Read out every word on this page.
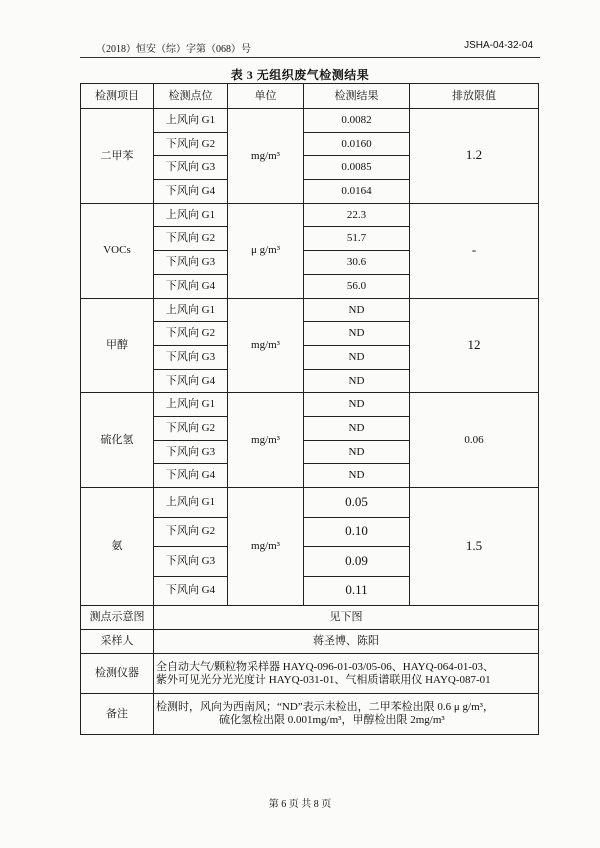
（2018）恒安（综）字第（068）号	JSHA-04-32-04
表 3 无组织废气检测结果
检测项目	检测点位	单位	检测结果	排放限值
二甲苯	上风向 G1	mg/m³	0.0082	1.2
	下风向 G2		0.0160	
	下风向 G3		0.0085	
	下风向 G4		0.0164	
VOCs	上风向 G1	μ g/m³	22.3	-
	下风向 G2		51.7	
	下风向 G3		30.6	
	下风向 G4		56.0	
甲醇	上风向 G1	mg/m³	ND	12
	下风向 G2		ND	
	下风向 G3		ND	
	下风向 G4		ND	
硫化氢	上风向 G1	mg/m³	ND	0.06
	下风向 G2		ND	
	下风向 G3		ND	
	下风向 G4		ND	
氨	上风向 G1	mg/m³	0.05	1.5
	下风向 G2		0.10	
	下风向 G3		0.09	
	下风向 G4		0.11	
测点示意图	见下图			
采样人	蒋圣博、陈阳			
检测仪器	全自动大气/颗粒物采样器 HAYQ-096-01-03/05-06、HAYQ-064-01-03、
紫外可见光分光光度计 HAYQ-031-01、气相质谱联用仪 HAYQ-087-01			

备注	检测时，风向为西南风；“ND”表示未检出，二甲苯检出限 0.6 μ g/m³，
硫化氢检出限 0.001mg/m³，甲醇检出限 2mg/m³			
第 6 页 共 8 页
